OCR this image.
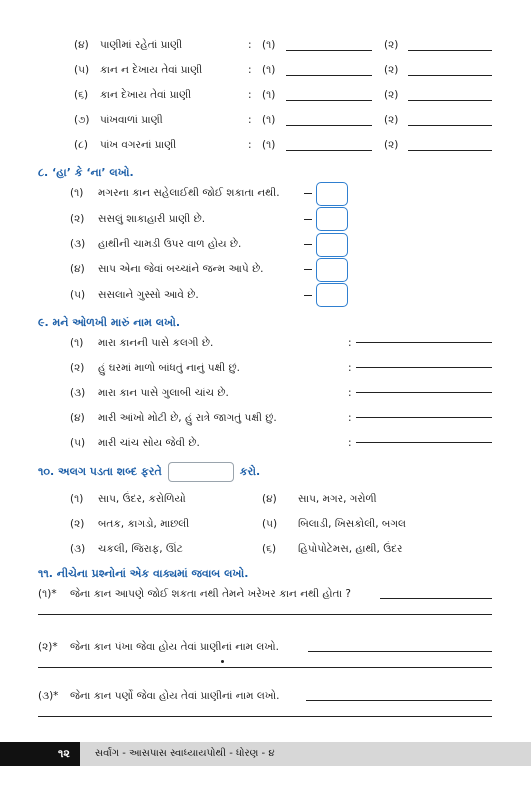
(૪) પાણીમાં રહેતાં પ્રાણી	: (૧)	(૨)
(૫) કાન ન દેખાય તેવાં પ્રાણી	: (૧)	(૨)
(૬) કાન દેખાય તેવાં પ્રાણી	: (૧)	(૨)
(૭) પાંખવાળાં પ્રાણી	: (૧)	(૨)
(૮) પાંખ વગરનાં પ્રાણી	: (૧)	(૨)
૮. ‘હા’ કે ‘ના’ લખો.
(૧) મગરના કાન સહેલાઈથી જોઈ શકાતા નથી.
(૨) સસલું શાકાહારી પ્રાણી છે.
(૩) હાથીની ચામડી ઉપર વાળ હોય છે.
(૪) સાપ એના જેવાં બચ્ચાંને જન્મ આપે છે.
(૫) સસલાને ગુસ્સો આવે છે.
૯. મને ઓળખી મારું નામ લખો.
(૧) મારા કાનની પાસે કલગી છે.	:
(૨) હું ઘરમાં માળો બાંધતું નાનું પક્ષી છું.	:
(૩) મારા કાન પાસે ગુલાબી ચાંચ છે.	:
(૪) મારી આંખો મોટી છે, હું રાત્રે જાગતું પક્ષી છું.	:
(૫) મારી ચાંચ સોય જેવી છે.	:
૧૦. અલગ પડતા શબ્દ ફરતે	કરો.
(૧) સાપ, ઉંદર, કરોળિયો	(૪) સાપ, મગર, ગરોળી
(૨) બતક, કાગડો, માછલી	(૫) બિલાડી, ખિસકોલી, બગલ
(૩) ચકલી, જિરાફ, ઊંટ	(૬) હિપોપોટેમસ, હાથી, ઉંદર
૧૧. નીચેના પ્રશ્નોનાં એક વાક્યમાં જવાબ લખો.
(૧)* જેના કાન આપણે જોઈ શકતા નથી તેમને ખરેખર કાન નથી હોતા ?
(૨)* જેના કાન પંખા જેવા હોય તેવાં પ્રાણીનાં નામ લખો.
(૩)* જેના કાન પર્ણો જેવા હોય તેવાં પ્રાણીનાં નામ લખો.
૧૨	સર્વાંગ - આસપાસ સ્વાધ્યાયપોથી - ધોરણ - ૪
